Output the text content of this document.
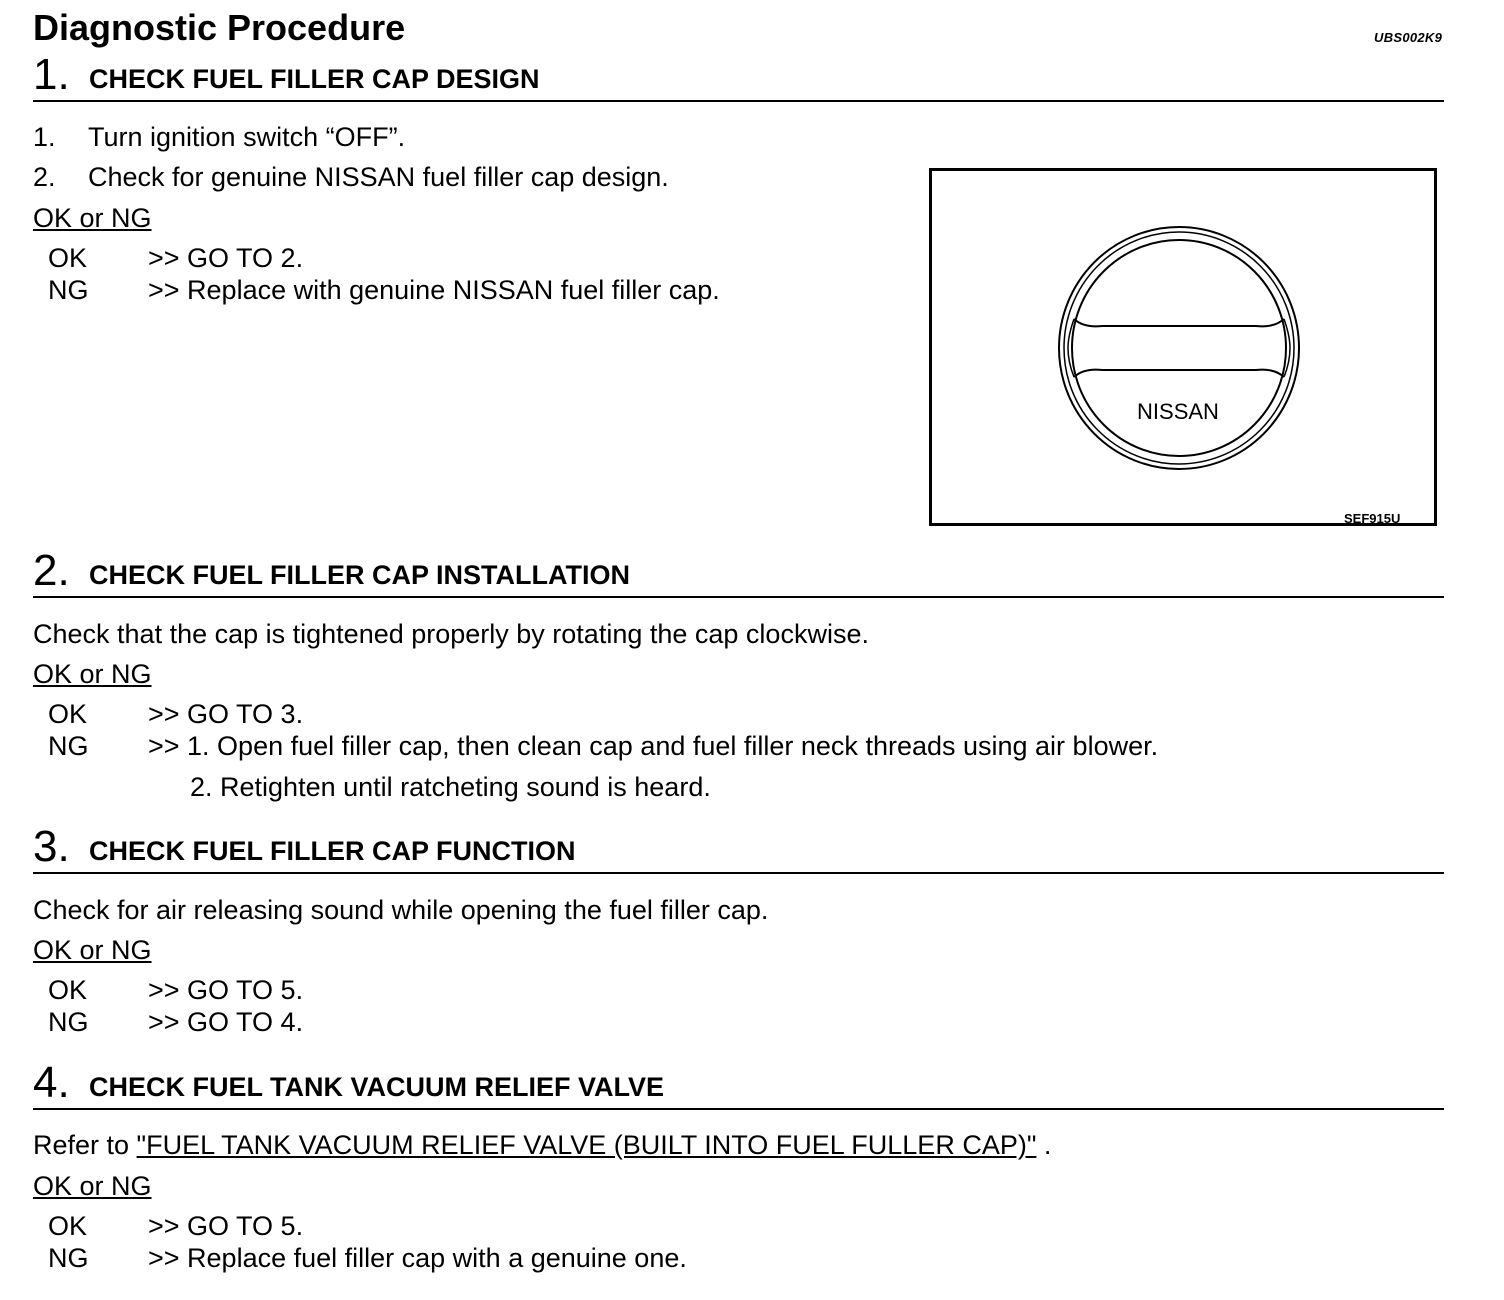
Diagnostic Procedure	UBS002K9
1. CHECK FUEL FILLER CAP DESIGN
1. Turn ignition switch “OFF”.
2. Check for genuine NISSAN fuel filler cap design.
OK or NG
OK >> GO TO 2.
NG >> Replace with genuine NISSAN fuel filler cap.
NISSAN
SEF915U
2. CHECK FUEL FILLER CAP INSTALLATION
Check that the cap is tightened properly by rotating the cap clockwise.
OK or NG
OK >> GO TO 3.
NG >> 1. Open fuel filler cap, then clean cap and fuel filler neck threads using air blower.
2. Retighten until ratcheting sound is heard.
3. CHECK FUEL FILLER CAP FUNCTION
Check for air releasing sound while opening the fuel filler cap.
OK or NG
OK >> GO TO 5.
NG >> GO TO 4.
4. CHECK FUEL TANK VACUUM RELIEF VALVE
Refer to "FUEL TANK VACUUM RELIEF VALVE (BUILT INTO FUEL FULLER CAP)" .
OK or NG
OK >> GO TO 5.
NG >> Replace fuel filler cap with a genuine one.
